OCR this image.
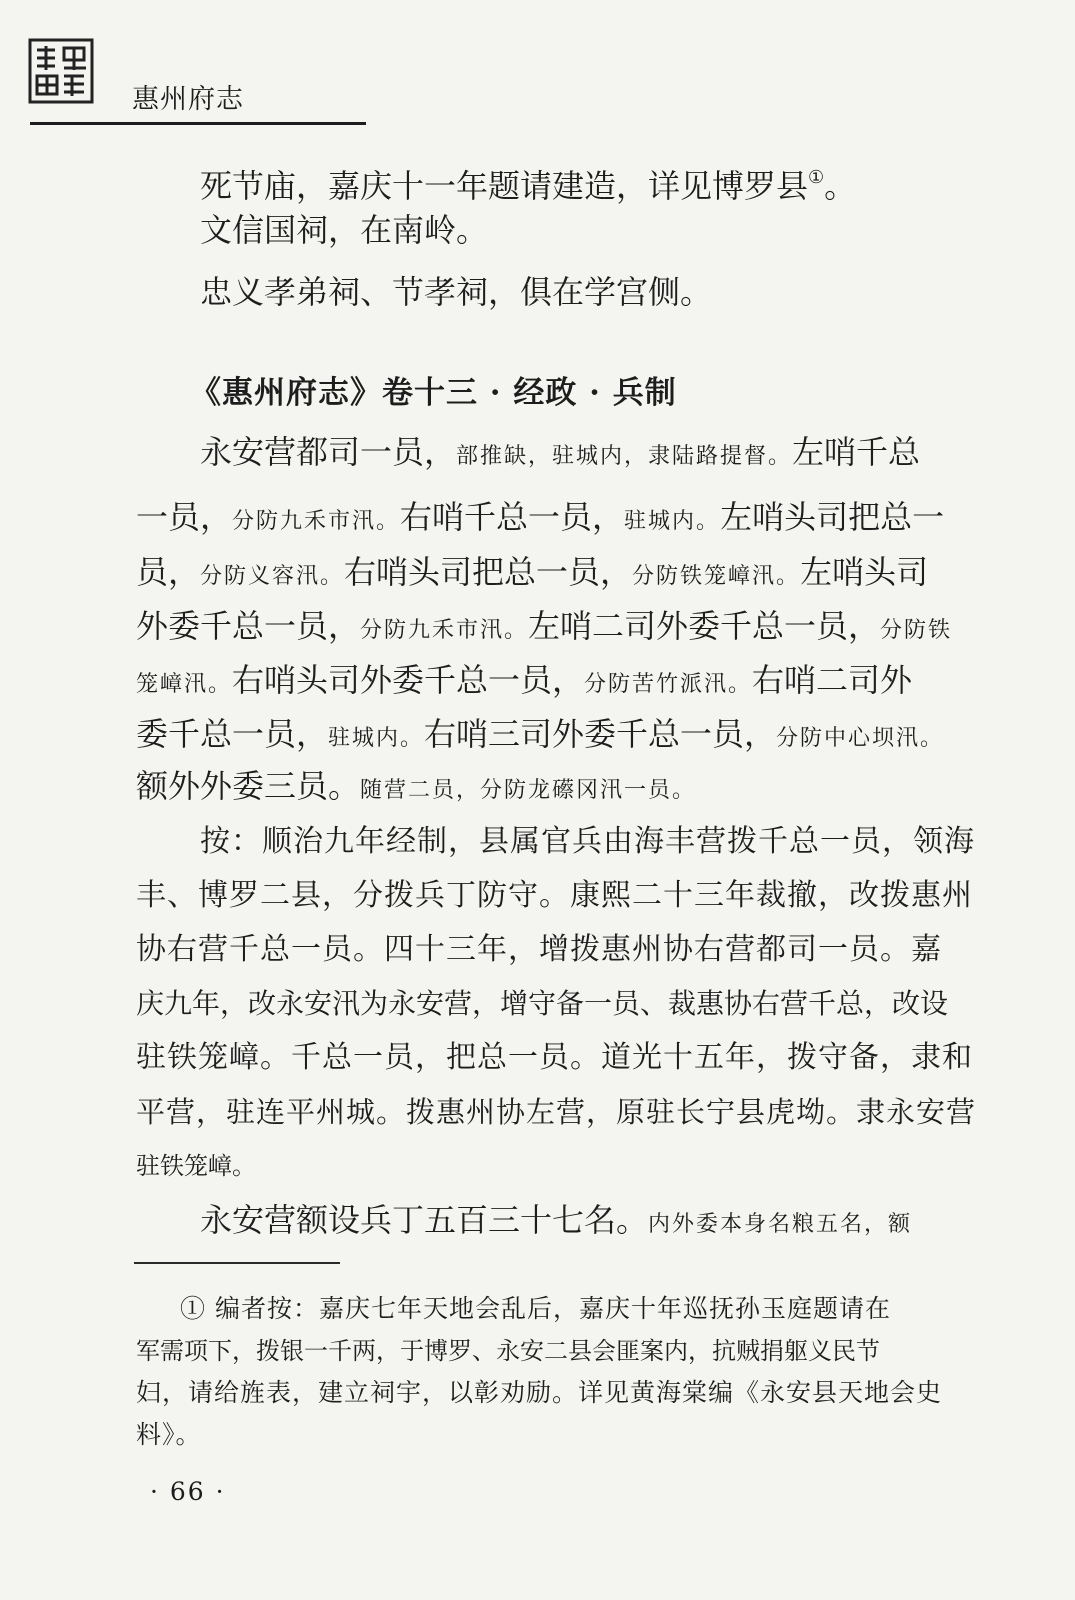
惠州府志
死节庙，嘉庆十一年题请建造，详见博罗县①。
文信国祠，在南岭。
忠义孝弟祠、节孝祠，俱在学宫侧。
《惠州府志》卷十三 · 经政 · 兵制
永安营都司一员，部推缺，驻城内，隶陆路提督。左哨千总
一员，分防九禾市汛。右哨千总一员，驻城内。左哨头司把总一
员，分防义容汛。右哨头司把总一员，分防铁笼嶂汛。左哨头司
外委千总一员，分防九禾市汛。左哨二司外委千总一员，分防铁
笼嶂汛。右哨头司外委千总一员，分防苦竹派汛。右哨二司外
委千总一员，驻城内。右哨三司外委千总一员，分防中心坝汛。
额外外委三员。随营二员，分防龙礤冈汛一员。
按：顺治九年经制，县属官兵由海丰营拨千总一员，领海
丰、博罗二县，分拨兵丁防守。康熙二十三年裁撤，改拨惠州
协右营千总一员。四十三年，增拨惠州协右营都司一员。嘉
庆九年，改永安汛为永安营，增守备一员、裁惠协右营千总，改设
驻铁笼嶂。千总一员，把总一员。道光十五年，拨守备，隶和
平营，驻连平州城。拨惠州协左营，原驻长宁县虎坳。隶永安营
驻铁笼嶂。
永安营额设兵丁五百三十七名。内外委本身名粮五名，额
① 编者按：嘉庆七年天地会乱后，嘉庆十年巡抚孙玉庭题请在
军需项下，拨银一千两，于博罗、永安二县会匪案内，抗贼捐躯义民节
妇，请给旌表，建立祠宇，以彰劝励。详见黄海棠编《永安县天地会史
料》。
· 66 ·
